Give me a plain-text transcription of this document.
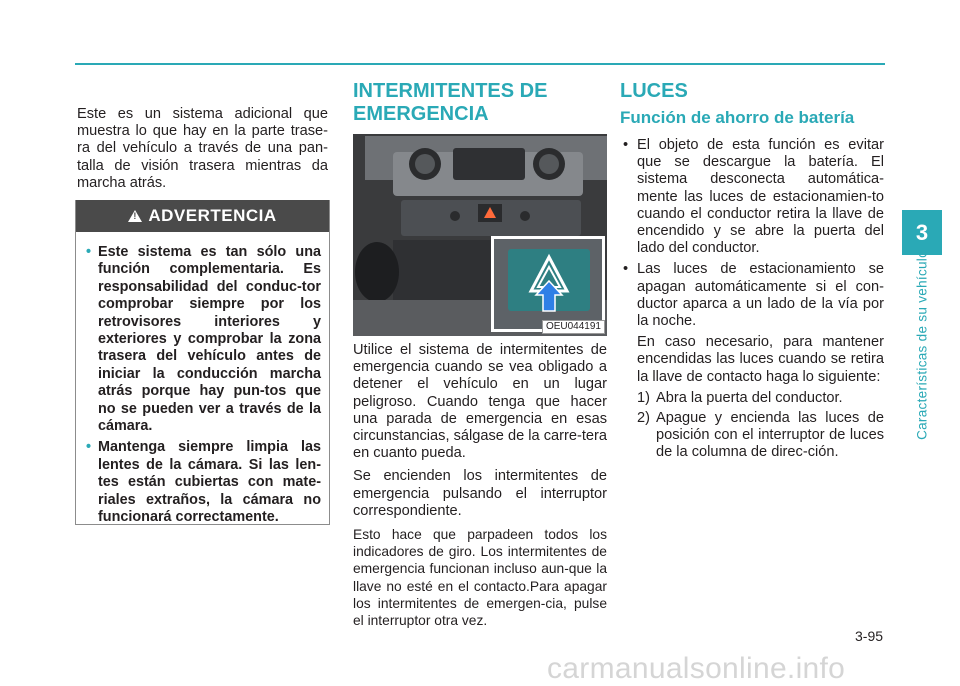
Este es un sistema adicional que muestra lo que hay en la parte trase-ra del vehículo a través de una pan-talla de visión trasera mientras da marcha atrás.

!
ADVERTENCIA
• Este sistema es tan sólo una función complementaria. Es responsabilidad del conduc-tor comprobar siempre por los retrovisores interiores y exteriores y comprobar la zona trasera del vehículo antes de iniciar la conducción marcha atrás porque hay pun-tos que no se pueden ver a través de la cámara.
• Mantenga siempre limpia las lentes de la cámara. Si las len-tes están cubiertas con mate-riales extraños, la cámara no funcionará correctamente.
INTERMITENTES DE EMERGENCIA
OEU044191

Utilice el sistema de intermitentes de emergencia cuando se vea obligado a detener el vehículo en un lugar peligroso. Cuando tenga que hacer una parada de emergencia en esas circunstancias, sálgase de la carre-tera en cuanto pueda.

Se encienden los intermitentes de emergencia pulsando el interruptor correspondiente.

Esto hace que parpadeen todos los indicadores de giro. Los intermitentes de emergencia funcionan incluso aun-que la llave no esté en el contacto.Para apagar los intermitentes de emergen-cia, pulse el interruptor otra vez.

LUCES
Función de ahorro de batería
• El objeto de esta función es evitar que se descargue la batería. El sistema desconecta automática-mente las luces de estacionamien-to cuando el conductor retira la llave de encendido y se abre la puerta del lado del conductor.
• Las luces de estacionamiento se apagan automáticamente si el con-ductor aparca a un lado de la vía por la noche.

En caso necesario, para mantener encendidas las luces cuando se retira la llave de contacto haga lo siguiente:

1) Abra la puerta del conductor.
2) Apague y encienda las luces de posición con el interruptor de luces de la columna de direc-ción.
3
Características de su vehículo
3-95
carmanualsonline.info
